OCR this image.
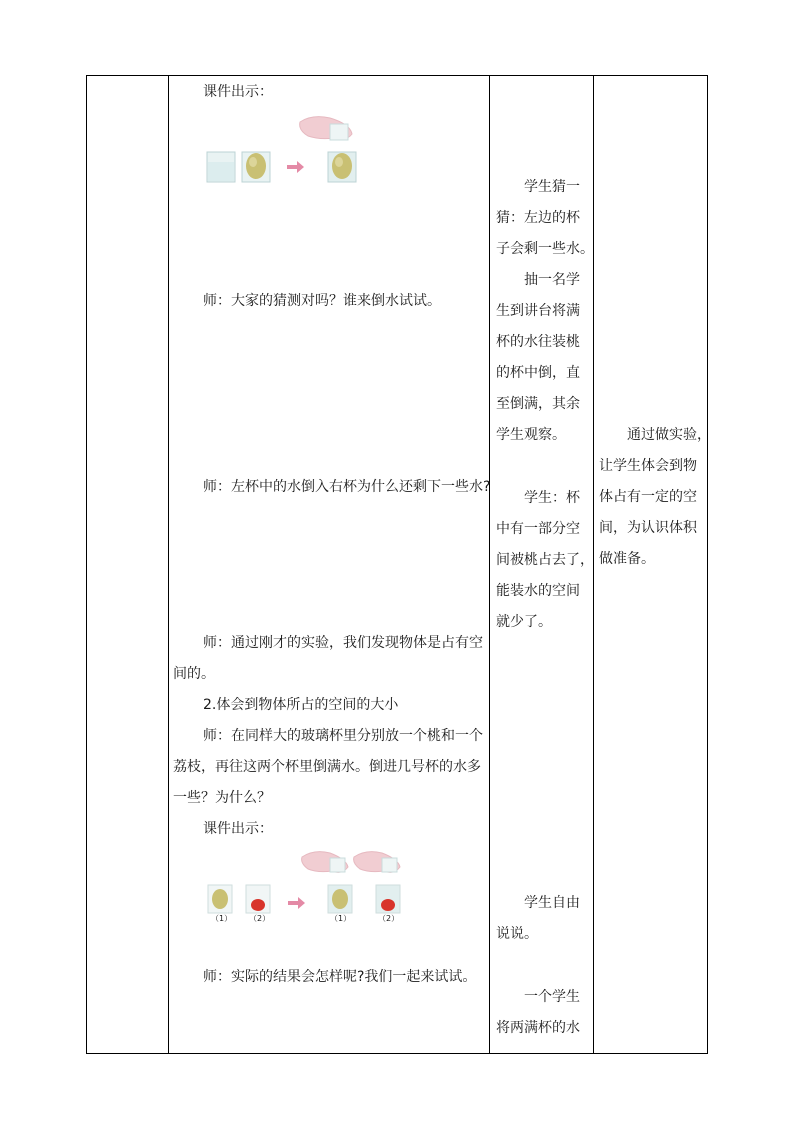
课件出示：
师：大家的猜测对吗？谁来倒水试试。
师：左杯中的水倒入右杯为什么还剩下一些水?
师：通过刚才的实验，我们发现物体是占有空
间的。
2.体会到物体所占的空间的大小
师：在同样大的玻璃杯里分别放一个桃和一个
荔枝，再往这两个杯里倒满水。倒进几号杯的水多
一些？为什么？
课件出示：
（1） （2）	（1）	（2）
师：实际的结果会怎样呢?我们一起来试试。
学生猜一
猜：左边的杯
子会剩一些水。
抽一名学
生到讲台将满
杯的水往装桃
的杯中倒，直
至倒满，其余
学生观察。
学生：杯
中有一部分空
间被桃占去了，
能装水的空间
就少了。
学生自由
说说。
一个学生
将两满杯的水
通过做实验，
让学生体会到物
体占有一定的空
间，为认识体积
做准备。
